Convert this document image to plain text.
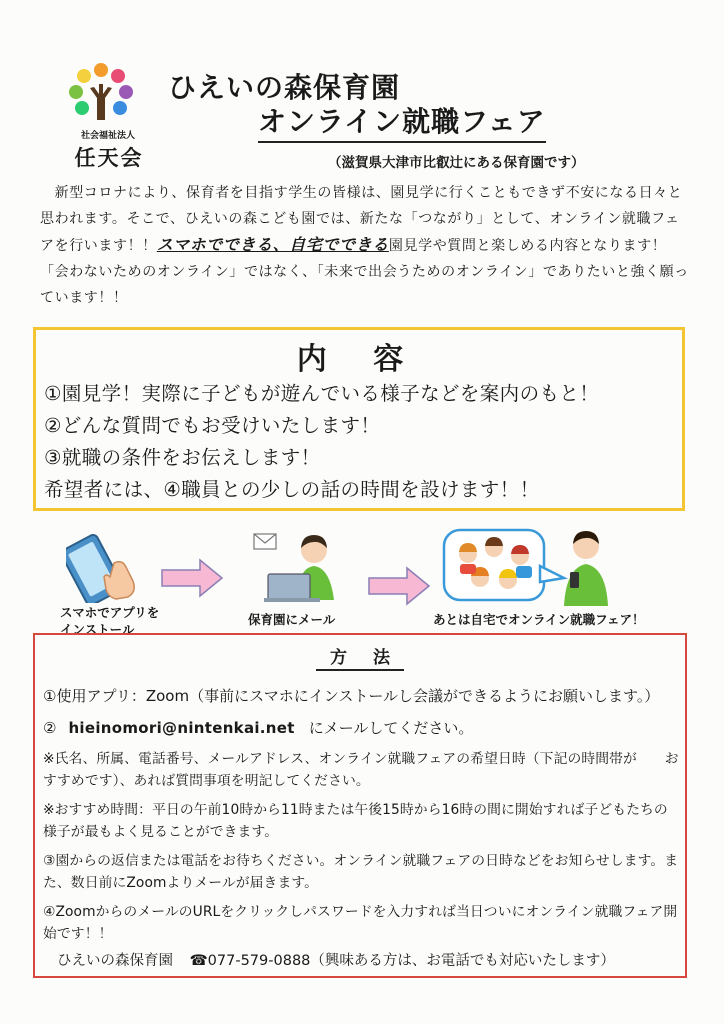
社会福祉法人
任天会
ひえいの森保育園
オンライン就職フェア
（滋賀県大津市比叡辻にある保育園です）

　新型コロナにより、保育者を目指す学生の皆様は、園見学に行くこともできず不安になる日々と思われます。そこで、ひえいの森こども園では、新たな「つながり」として、オンライン就職フェアを行います！！スマホでできる、自宅でできる園見学や質問と楽しめる内容となります！

「会わないためのオンライン」ではなく、「未来で出会うためのオンライン」でありたいと強く願っています！！

内 容
①園見学！実際に子どもが遊んでいる様子などを案内のもと！
②どんな質問でもお受けいたします！
③就職の条件をお伝えします！
希望者には、④職員との少しの話の時間を設けます！！
スマホでアプリを
インストール
保育園にメール	あとは自宅でオンライン就職フェア！
方 法
①使用アプリ：Zoom（事前にスマホにインストールし会議ができるようにお願いします。）
② hieinomori@nintenkai.net にメールしてください。
※氏名、所属、電話番号、メールアドレス、オンライン就職フェアの希望日時（下記の時間帯が　　おすすめです）、あれば質問事項を明記してください。
※おすすめ時間：平日の午前10時から11時または午後15時から16時の間に開始すれば子どもたちの様子が最もよく見ることができます。
③園からの返信または電話をお待ちください。オンライン就職フェアの日時などをお知らせします。また、数日前にZoomよりメールが届きます。
④ZoomからのメールのURLをクリックしパスワードを入力すれば当日ついにオンライン就職フェア開始です！！
ひえいの森保育園 ☎077-579-0888（興味ある方は、お電話でも対応いたします）
